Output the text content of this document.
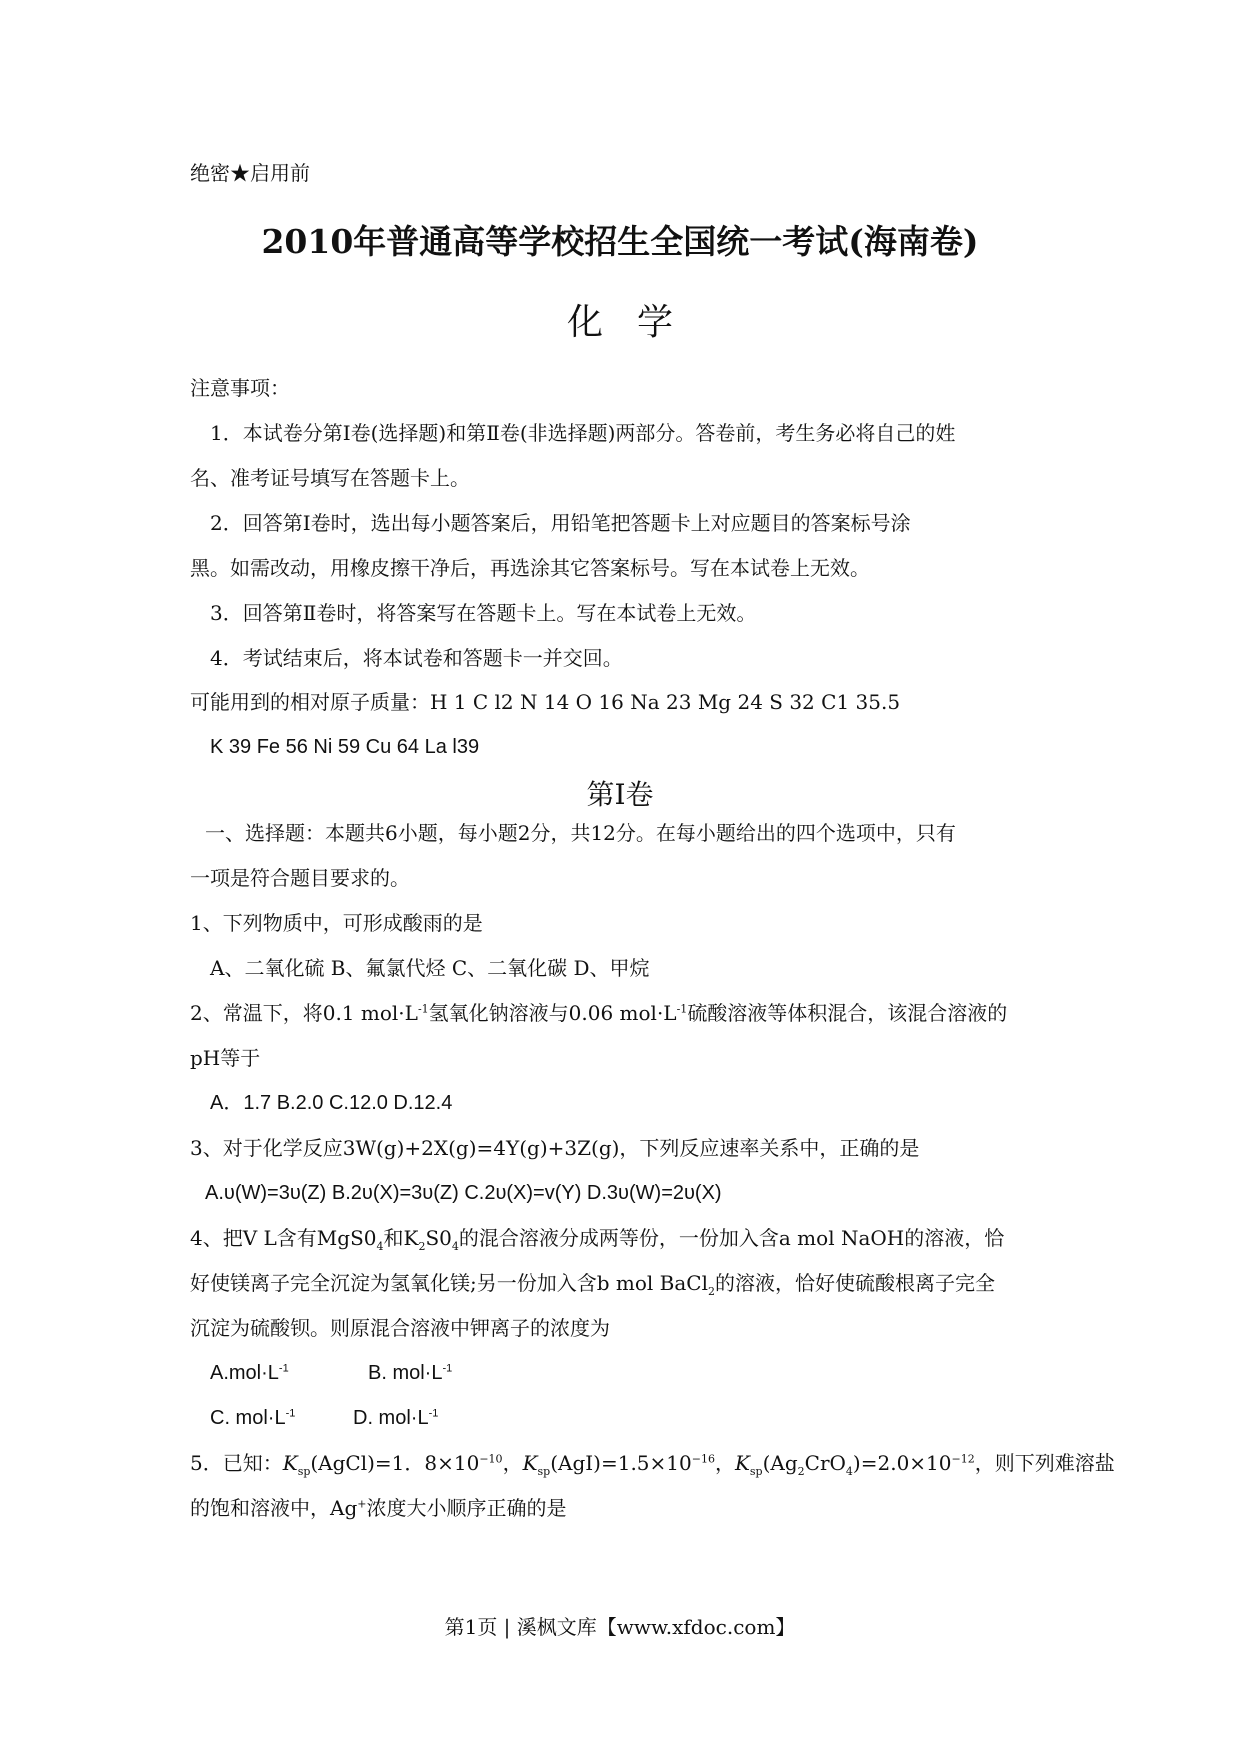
绝密★启用前
2010年普通高等学校招生全国统一考试(海南卷)
化学
注意事项：
1．本试卷分第Ⅰ卷(选择题)和第Ⅱ卷(非选择题)两部分。答卷前，考生务必将自己的姓
名、准考证号填写在答题卡上。
2．回答第Ⅰ卷时，选出每小题答案后，用铅笔把答题卡上对应题目的答案标号涂
黑。如需改动，用橡皮擦干净后，再选涂其它答案标号。写在本试卷上无效。
3．回答第Ⅱ卷时，将答案写在答题卡上。写在本试卷上无效。
4．考试结束后，将本试卷和答题卡一并交回。
可能用到的相对原子质量：H 1 C l2 N 14 O 16 Na 23 Mg 24 S 32 C1 35.5
K 39 Fe 56 Ni 59 Cu 64 La l39
第Ⅰ卷
一、选择题：本题共6小题，每小题2分，共12分。在每小题给出的四个选项中，只有
一项是符合题目要求的。
1、下列物质中，可形成酸雨的是
A、二氧化硫 B、氟氯代烃 C、二氧化碳 D、甲烷
2、常温下，将0.1 $mol\cdot L^{-1}$氢氧化钠溶液与0.06 $mol\cdot L^{-1}$硫酸溶液等体积混合，该混合溶液的
pH等于
A．1.7 B.2.0 C.12.0 D.12.4
3、对于化学反应3W(g)+2X(g)=4Y(g)+3Z(g)，下列反应速率关系中，正确的是
A.υ(W)=3υ(Z) B.2υ(X)=3υ(Z) C.2υ(X)=v(Y) D.3υ(W)=2υ(X)
4、把V L含有$MgS0_4$和$K_2S0_4$的混合溶液分成两等份，一份加入含a mol NaOH的溶液，恰
好使镁离子完全沉淀为氢氧化镁;另一份加入含b mol BaCl$_2$的溶液，恰好使硫酸根离子完全
沉淀为硫酸钡。则原混合溶液中钾离子的浓度为
$A.mol\cdot L^{-1}$	B. $mol\cdot L^{-1}$
C. $mol\cdot L^{-1}$	D. $mol\cdot L^{-1}$
5．已知：$K_{sp}(AgCl)=1$．$8\times 10^{-10}$，$K_{sp}(AgI)=1.5\times 10^{-16}$，$K_{sp}(Ag_2CrO_4)=2.0\times 10^{-12}$，则下列难溶盐
的饱和溶液中，Ag+浓度大小顺序正确的是
第1页 | 溪枫文库【www.xfdoc.com】
